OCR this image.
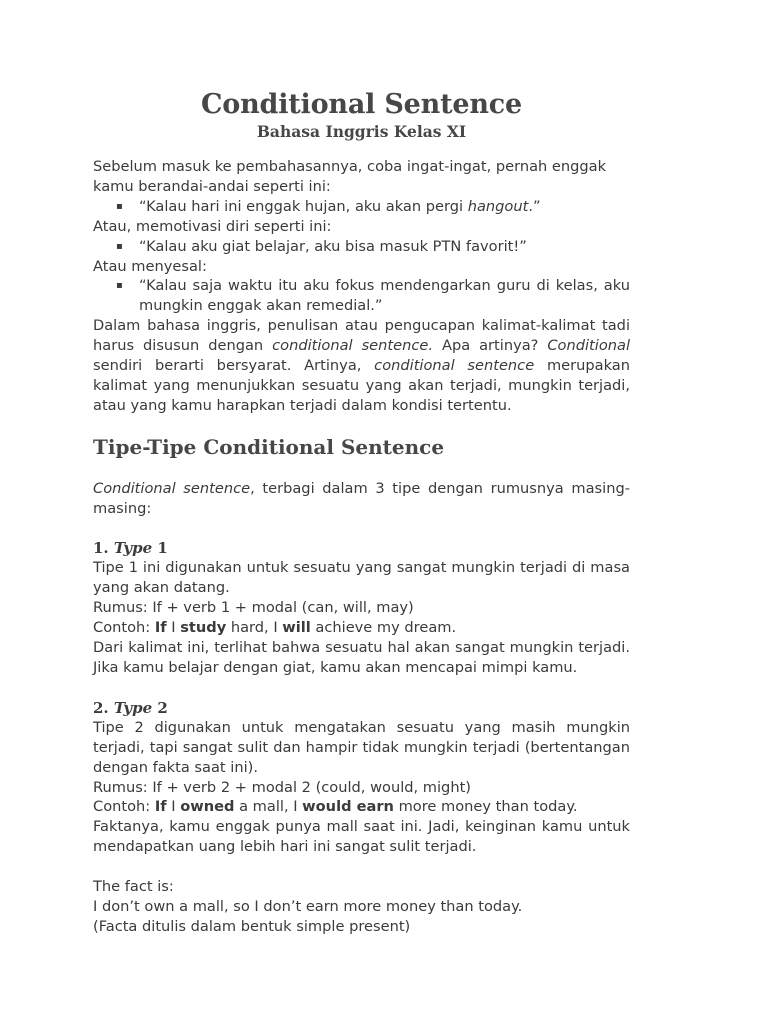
Conditional Sentence
Bahasa Inggris Kelas XI

Sebelum masuk ke pembahasannya, coba ingat-ingat, pernah enggak kamu berandai-andai seperti ini:

▪ “Kalau hari ini enggak hujan, aku akan pergi hangout.”

Atau, memotivasi diri seperti ini:

▪ “Kalau aku giat belajar, aku bisa masuk PTN favorit!”

Atau menyesal:

▪ “Kalau saja waktu itu aku fokus mendengarkan guru di kelas, aku mungkin enggak akan remedial.”

Dalam bahasa inggris, penulisan atau pengucapan kalimat-kalimat tadi harus disusun dengan conditional sentence. Apa artinya? Conditional sendiri berarti bersyarat. Artinya, conditional sentence merupakan kalimat yang menunjukkan sesuatu yang akan terjadi, mungkin terjadi, atau yang kamu harapkan terjadi dalam kondisi tertentu.

Tipe-Tipe Conditional Sentence

Conditional sentence, terbagi dalam 3 tipe dengan rumusnya masing-masing:

1. Type 1

Tipe 1 ini digunakan untuk sesuatu yang sangat mungkin terjadi di masa yang akan datang.

Rumus: If + verb 1 + modal (can, will, may)

Contoh: If I study hard, I will achieve my dream.

Dari kalimat ini, terlihat bahwa sesuatu hal akan sangat mungkin terjadi. Jika kamu belajar dengan giat, kamu akan mencapai mimpi kamu.

2. Type 2

Tipe 2 digunakan untuk mengatakan sesuatu yang masih mungkin terjadi, tapi sangat sulit dan hampir tidak mungkin terjadi (bertentangan dengan fakta saat ini).

Rumus: If + verb 2 + modal 2 (could, would, might)

Contoh: If I owned a mall, I would earn more money than today.

Faktanya, kamu enggak punya mall saat ini. Jadi, keinginan kamu untuk mendapatkan uang lebih hari ini sangat sulit terjadi.

The fact is:

I don’t own a mall, so I don’t earn more money than today.

(Facta ditulis dalam bentuk simple present)
